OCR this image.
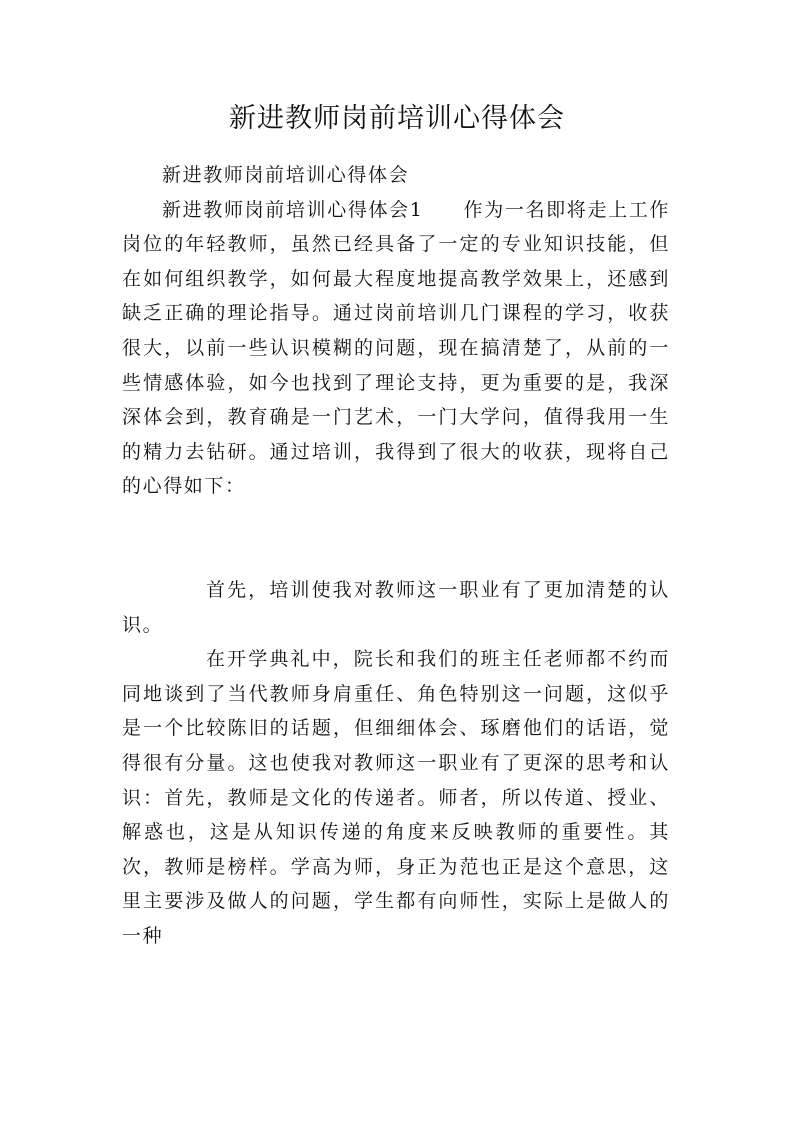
新进教师岗前培训心得体会

新进教师岗前培训心得体会

新进教师岗前培训心得体会1 作为一名即将走上工作岗位的年轻教师，虽然已经具备了一定的专业知识技能，但在如何组织教学，如何最大程度地提高教学效果上，还感到缺乏正确的理论指导。通过岗前培训几门课程的学习，收获很大，以前一些认识模糊的问题，现在搞清楚了，从前的一些情感体验，如今也找到了理论支持，更为重要的是，我深深体会到，教育确是一门艺术，一门大学问，值得我用一生的精力去钻研。通过培训，我得到了很大的收获，现将自己的心得如下：

首先，培训使我对教师这一职业有了更加清楚的认识。

在开学典礼中，院长和我们的班主任老师都不约而同地谈到了当代教师身肩重任、角色特别这一问题，这似乎是一个比较陈旧的话题，但细细体会、琢磨他们的话语，觉得很有分量。这也使我对教师这一职业有了更深的思考和认识：首先，教师是文化的传递者。师者，所以传道、授业、解惑也，这是从知识传递的角度来反映教师的重要性。其次，教师是榜样。学高为师，身正为范也正是这个意思，这里主要涉及做人的问题，学生都有向师性，实际上是做人的一种
